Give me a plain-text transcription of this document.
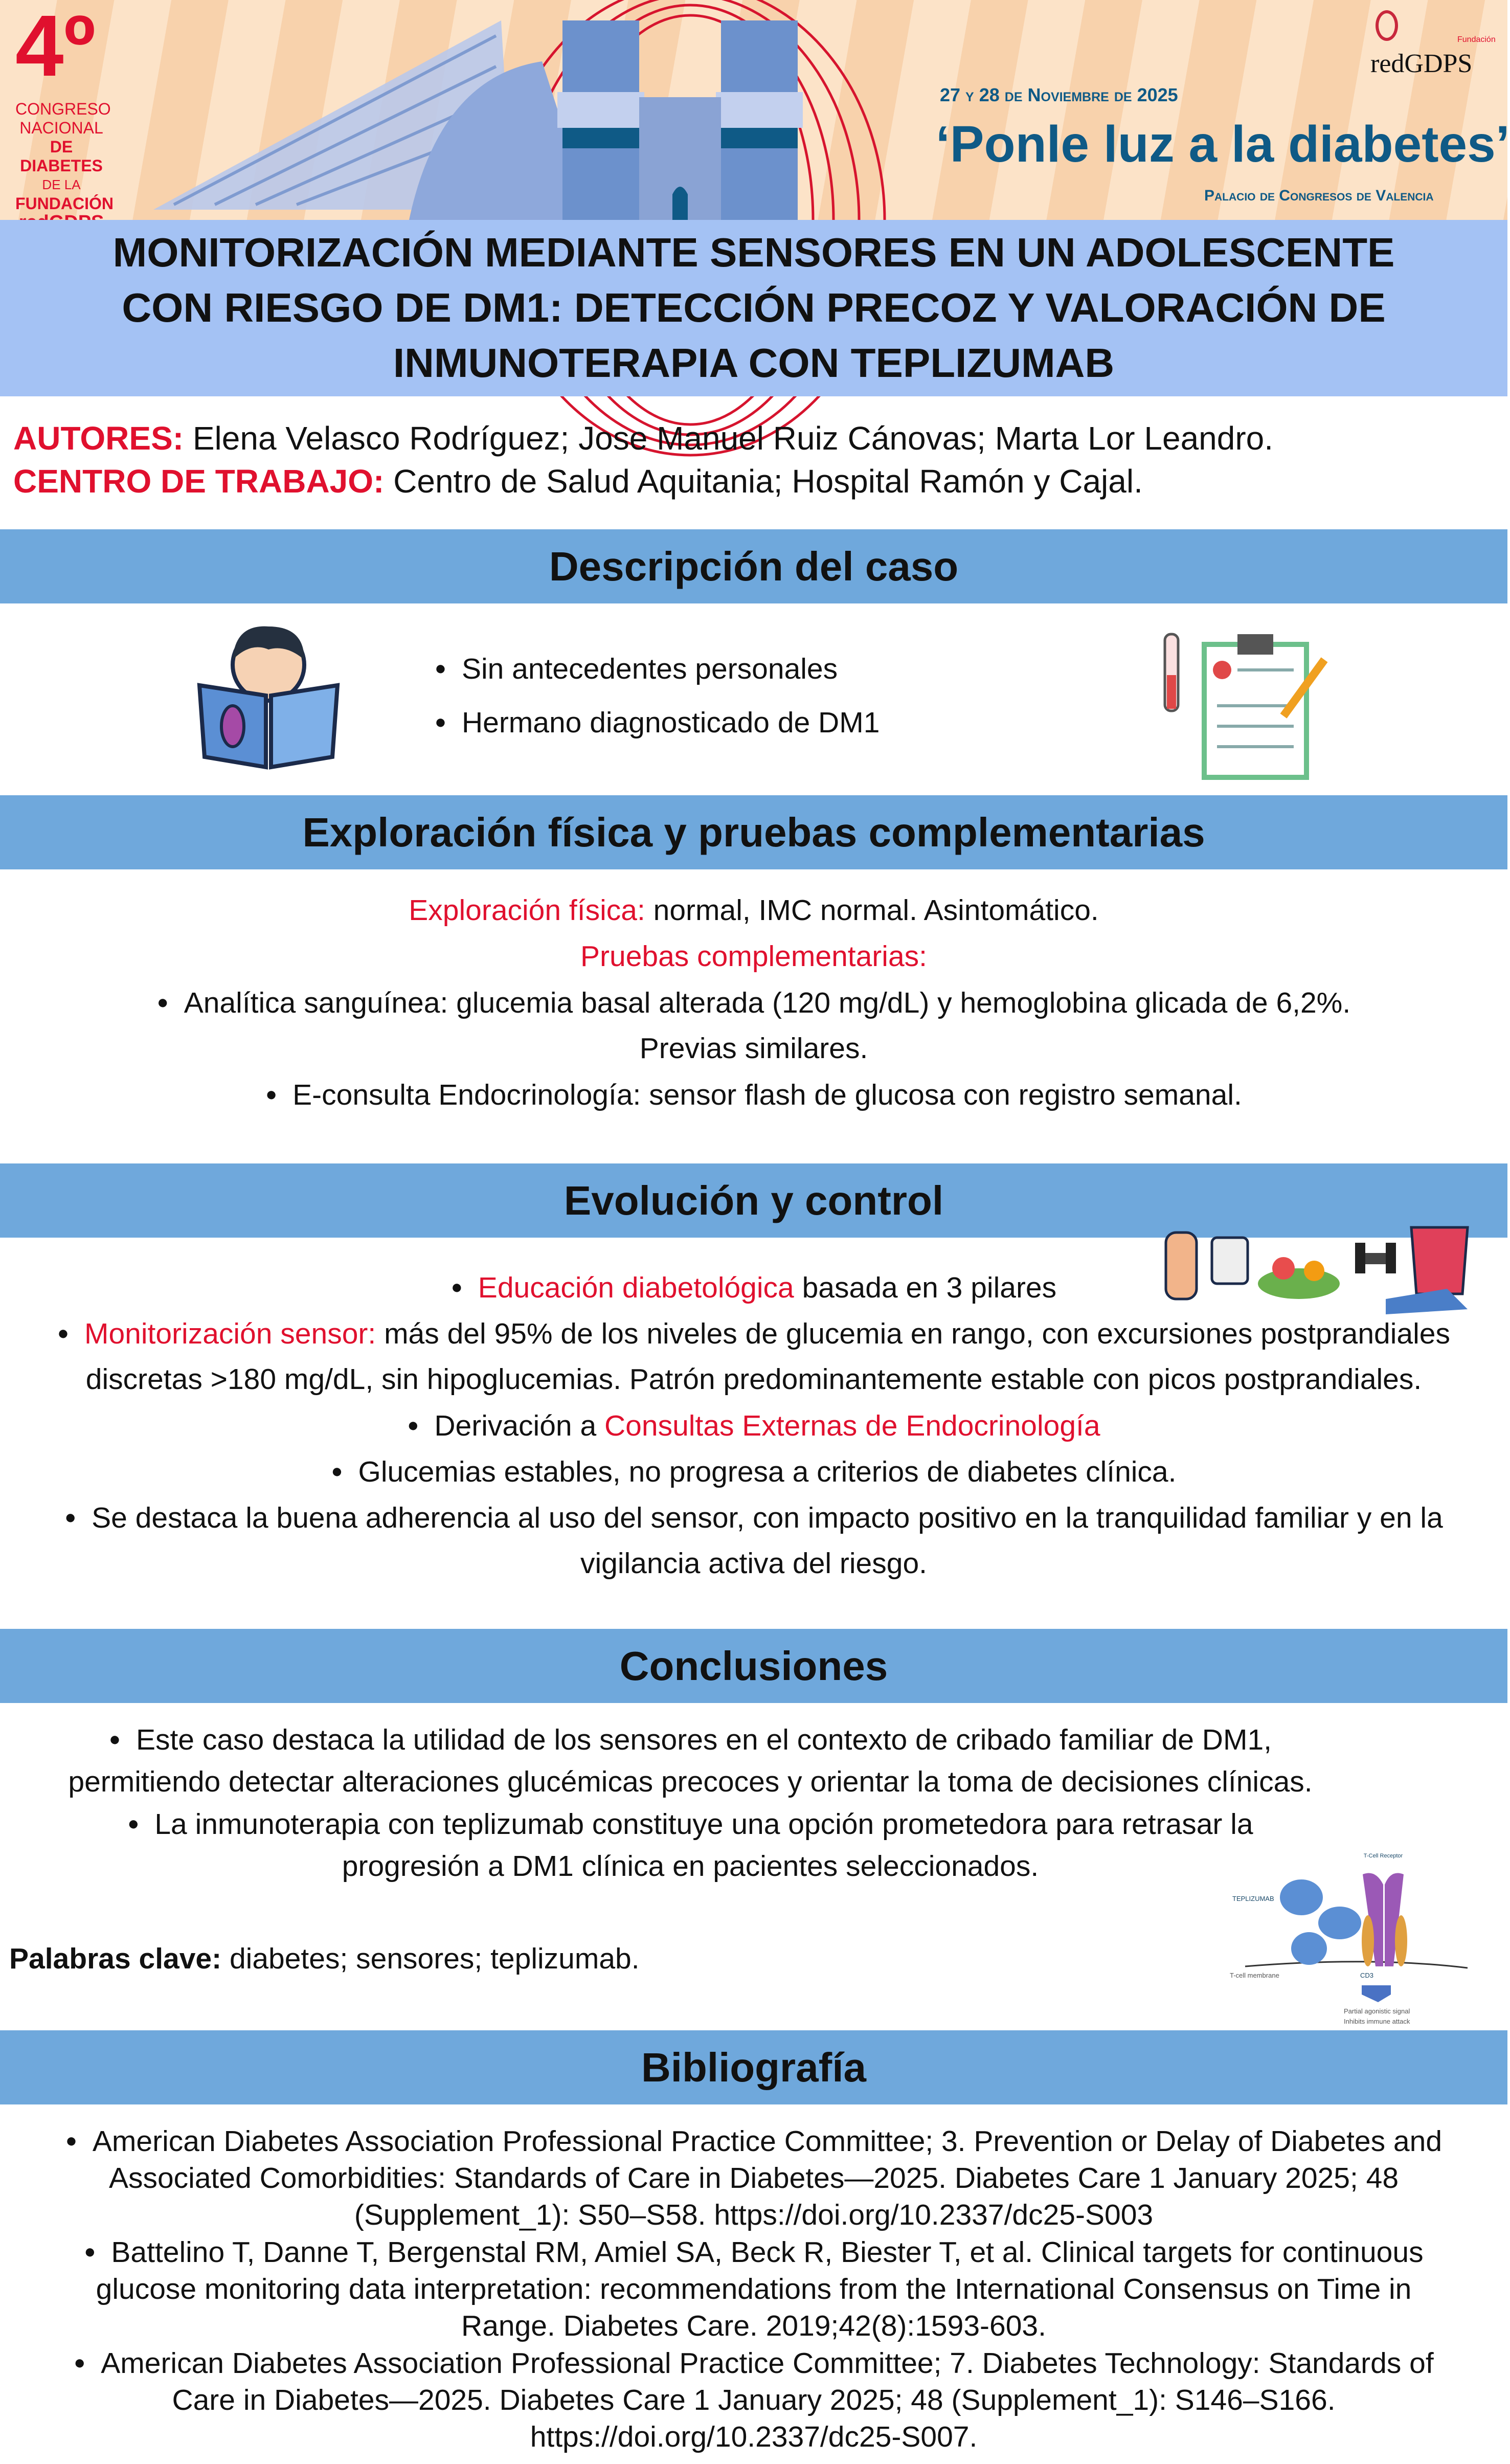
4º
CONGRESO
NACIONAL
DE DIABETES
DE LA
FUNDACIÓN
27 y 28 de Noviembre de 2025
‘Ponle luz a la diabetes’
Palacio de Congresos de Valencia
Fundación
redGDPS
MONITORIZACIÓN MEDIANTE SENSORES EN UN ADOLESCENTE
CON RIESGO DE DM1: DETECCIÓN PRECOZ Y VALORACIÓN DE
INMUNOTERAPIA CON TEPLIZUMAB
AUTORES: Elena Velasco Rodríguez; Jose Manuel Ruiz Cánovas; Marta Lor Leandro.
CENTRO DE TRABAJO: Centro de Salud Aquitania; Hospital Ramón y Cajal.
Descripción del caso
● Sin antecedentes personales
● Hermano diagnosticado de DM1
Exploración física y pruebas complementarias
Exploración física: normal, IMC normal. Asintomático.
Pruebas complementarias:
● Analítica sanguínea: glucemia basal alterada (120 mg/dL) y hemoglobina glicada de 6,2%.
Previas similares.
● E-consulta Endocrinología: sensor flash de glucosa con registro semanal.
Evolución y control
● Educación diabetológica basada en 3 pilares
● Monitorización sensor: más del 95% de los niveles de glucemia en rango, con excursiones postprandiales
discretas >180 mg/dL, sin hipoglucemias. Patrón predominantemente estable con picos postprandiales.
● Derivación a Consultas Externas de Endocrinología
● Glucemias estables, no progresa a criterios de diabetes clínica.
● Se destaca la buena adherencia al uso del sensor, con impacto positivo en la tranquilidad familiar y en la
vigilancia activa del riesgo.
Conclusiones
● Este caso destaca la utilidad de los sensores en el contexto de cribado familiar de DM1,
permitiendo detectar alteraciones glucémicas precoces y orientar la toma de decisiones clínicas.
● La inmunoterapia con teplizumab constituye una opción prometedora para retrasar la
progresión a DM1 clínica en pacientes seleccionados.
Palabras clave: diabetes; sensores; teplizumab.
TEPLIZUMAB
T-Cell Receptor
T-cell membrane	CD3
Partial agonistic signal
Inhibits immune attack
Bibliografía
● American Diabetes Association Professional Practice Committee; 3. Prevention or Delay of Diabetes and
Associated Comorbidities: Standards of Care in Diabetes—2025. Diabetes Care 1 January 2025; 48
(Supplement_1): S50–S58. https://doi.org/10.2337/dc25-S003
● Battelino T, Danne T, Bergenstal RM, Amiel SA, Beck R, Biester T, et al. Clinical targets for continuous
glucose monitoring data interpretation: recommendations from the International Consensus on Time in
Range. Diabetes Care. 2019;42(8):1593-603.
● American Diabetes Association Professional Practice Committee; 7. Diabetes Technology: Standards of
Care in Diabetes—2025. Diabetes Care 1 January 2025; 48 (Supplement_1): S146–S166.
https://doi.org/10.2337/dc25-S007.
